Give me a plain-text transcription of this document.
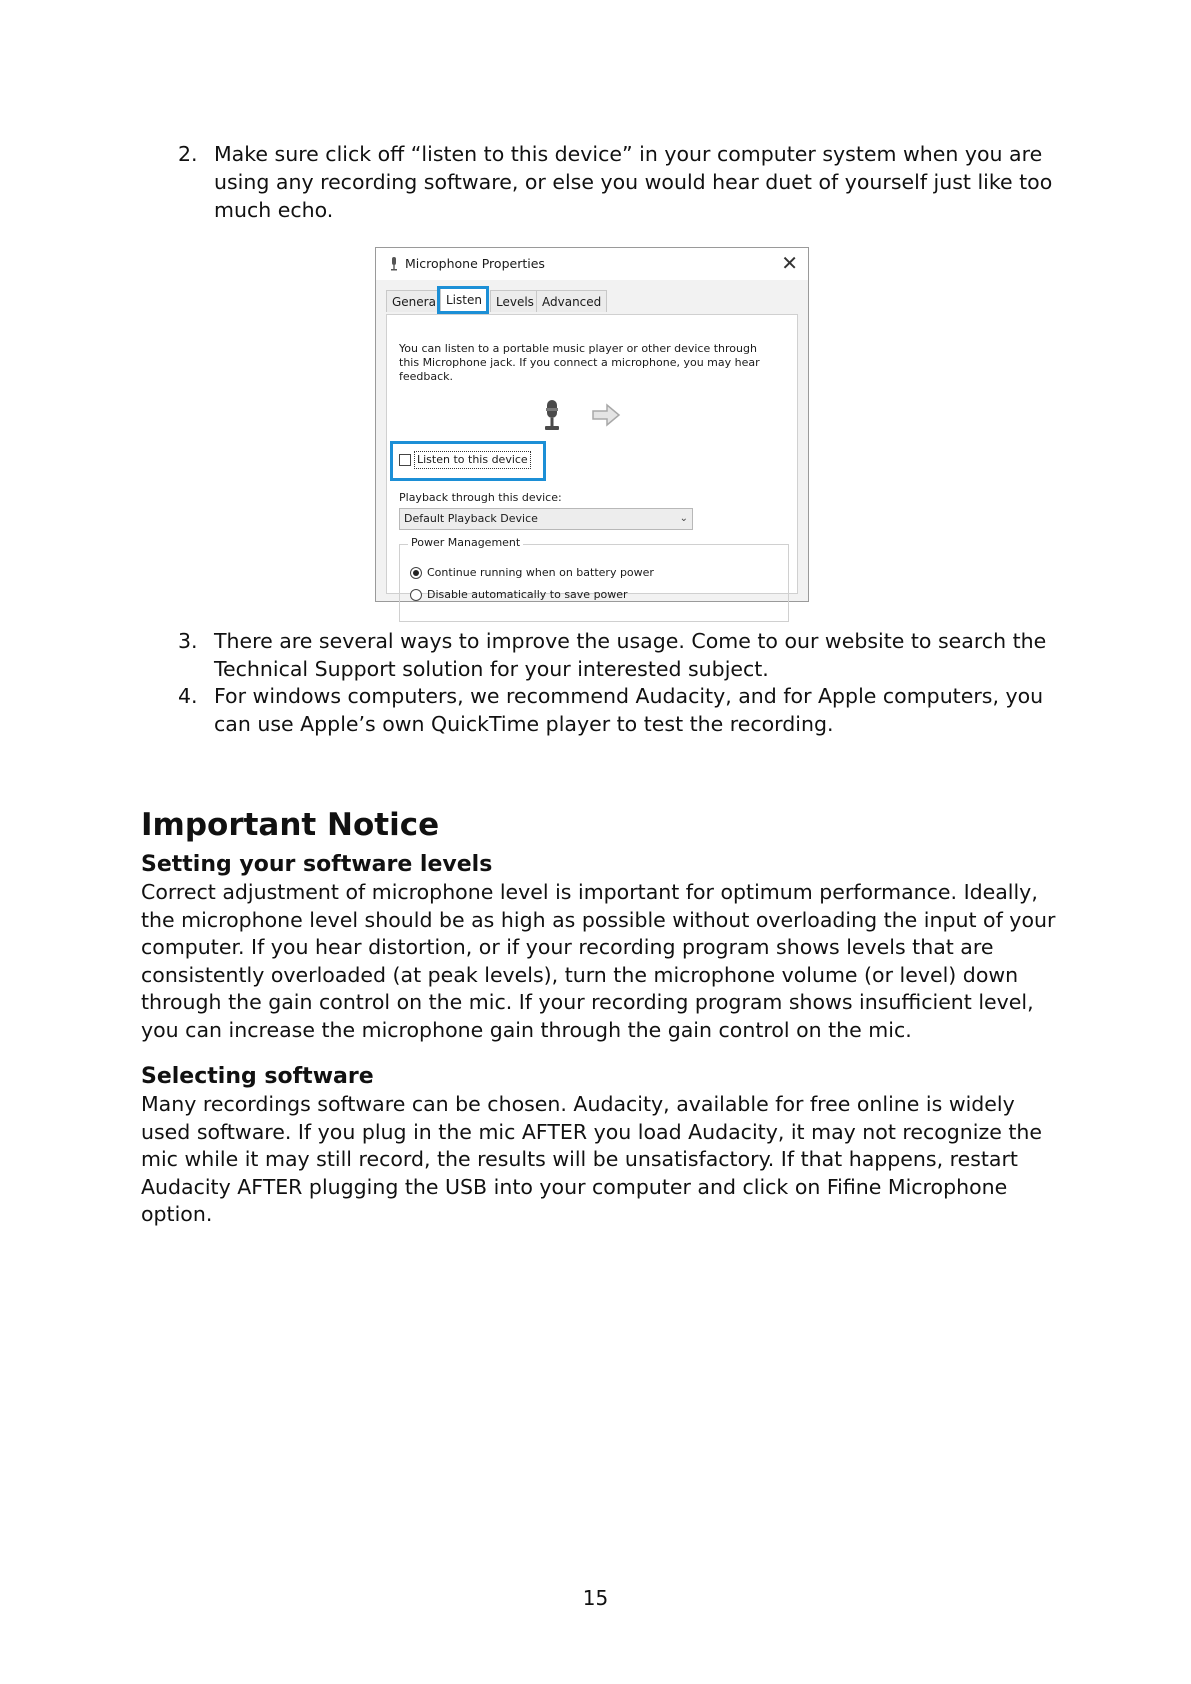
2. Make sure click off “listen to this device” in your computer system when you are using any recording software, or else you would hear duet of yourself just like too much echo.
Microphone Properties	✕
General Listen	Levels Advanced
You can listen to a portable music player or other device through this Microphone jack. If you connect a microphone, you may hear feedback.
Listen to this device
Playback through this device:
Default Playback Device	⌄
Power Management
Continue running when on battery power
Disable automatically to save power
3. There are several ways to improve the usage. Come to our website to search the Technical Support solution for your interested subject.
4. For windows computers, we recommend Audacity, and for Apple computers, you can use Apple’s own QuickTime player to test the recording.
Important Notice
Setting your software levels
Correct adjustment of microphone level is important for optimum performance. Ideally, the microphone level should be as high as possible without overloading the input of your computer. If you hear distortion, or if your recording program shows levels that are consistently overloaded (at peak levels), turn the microphone volume (or level) down through the gain control on the mic. If your recording program shows insufficient level, you can increase the microphone gain through the gain control on the mic.
Selecting software
Many recordings software can be chosen. Audacity, available for free online is widely used software. If you plug in the mic AFTER you load Audacity, it may not recognize the mic while it may still record, the results will be unsatisfactory. If that happens, restart Audacity AFTER plugging the USB into your computer and click on Fifine Microphone option.
15
